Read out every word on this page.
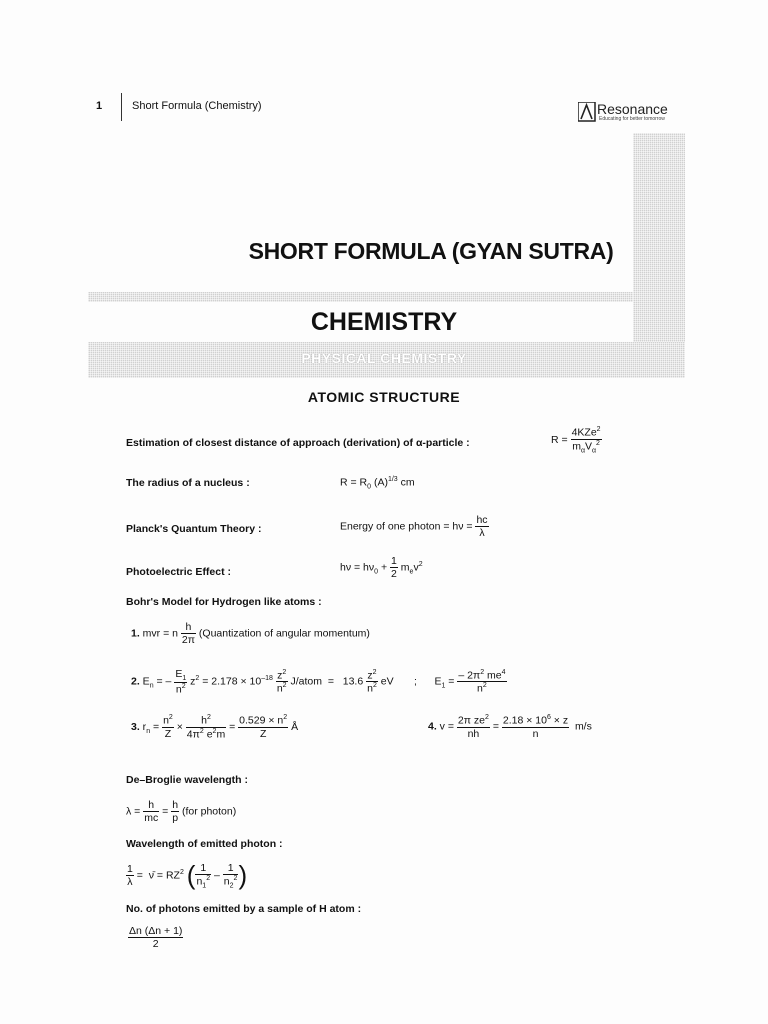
1	Short Formula (Chemistry)	Resonance
Educating for better tomorrow
SHORT FORMULA (GYAN SUTRA)
CHEMISTRY
PHYSICAL CHEMISTRY
ATOMIC STRUCTURE
Estimation of closest distance of approach (derivation) of α-particle :	$R = \frac{4KZe^2}{m_\alpha V_\alpha^2}$
The radius of a nucleus :	$R = R_0$ $(A)^{1/3}$ cm
Planck's Quantum Theory :	Energy of one photon = $h\nu = \frac{hc}{\lambda}$
Photoelectric Effect :	$h\nu = h\nu_0 + \frac{1}{2} m_ev^2$
Bohr's Model for Hydrogen like atoms :
1. mvr = n $\frac{h}{2\pi}$ (Quantization of angular momentum)
2. $E_n$ = – $\frac{E_1}{n^2} z^2 = 2.178 \times 10^{-18} \frac{z^2}{n^2}$ J/atom  =   $13.6 \frac{z^2}{n^2}$ eV       ;      $E_1 = \frac{- 2\pi^2 me^4}{n^2}$
3. $r_n = \frac{n^2}{Z} \times \frac{h^2}{4\pi^2 e^2m} = \frac{0.529 \times n^2}{Z}$ Å	4. $v = \frac{2\pi ze^2}{nh} = \frac{2.18 \times 10^6 \times z}{n} m/s$
De–Broglie wavelength :
$\lambda = \frac{h}{mc} = \frac{h}{p} (for$ photon)
Wavelength of emitted photon :
$\frac{1}{\lambda}$ =  ν̄ = $RZ^2$ ( $\frac{1}{n_1^2} - \frac{1}{n_2^2}$ )
No. of photons emitted by a sample of H atom :
$\frac{\Delta n (\Delta n + 1)}{2}$
